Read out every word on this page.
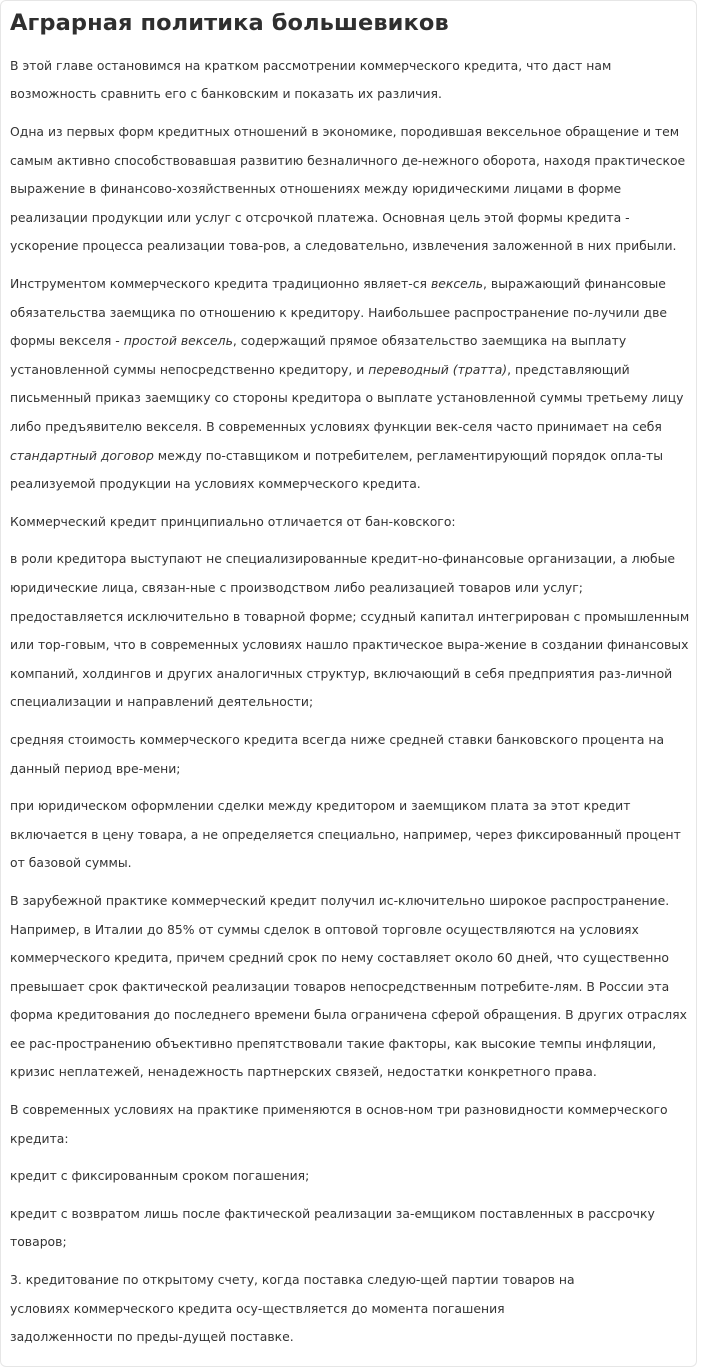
Аграрная политика большевиков

В этой главе остановимся на кратком рассмотрении коммерческого кредита, что даст нам возможность сравнить его с банковским и показать их различия.

Одна из первых форм кредитных отношений в экономике, породившая вексельное обращение и тем самым активно способствовавшая развитию безналичного де-нежного оборота, находя практическое выражение в финансово-хозяйственных отношениях между юридическими лицами в форме реализации продукции или услуг с отсрочкой платежа. Основная цель этой формы кредита - ускорение процесса реализации това-ров, а следовательно, извлечения заложенной в них прибыли.

Инструментом коммерческого кредита традиционно являет-ся вексель, выражающий финансовые обязательства заемщика по отношению к кредитору. Наибольшее распространение по-лучили две формы векселя - простой вексель, содержащий прямое обязательство заемщика на выплату установленной суммы непосредственно кредитору, и переводный (тратта), представляющий письменный приказ заемщику со стороны кредитора о выплате установленной суммы третьему лицу либо предъявителю векселя. В современных условиях функции век-селя часто принимает на себя стандартный договор между по-ставщиком и потребителем, регламентирующий порядок опла-ты реализуемой продукции на условиях коммерческого кредита.

Коммерческий кредит принципиально отличается от бан-ковского:

в роли кредитора выступают не специализированные кредит-но-финансовые организации, а любые юридические лица, связан-ные с производством либо реализацией товаров или услуг; предоставляется исключительно в товарной форме; ссудный капитал интегрирован с промышленным или тор-говым, что в современных условиях нашло практическое выра-жение в создании финансовых компаний, холдингов и других аналогичных структур, включающий в себя предприятия раз-личной специализации и направлений деятельности;

средняя стоимость коммерческого кредита всегда ниже средней ставки банковского процента на данный период вре-мени;

при юридическом оформлении сделки между кредитором и заемщиком плата за этот кредит включается в цену товара, а не определяется специально, например, через фиксированный процент от базовой суммы.

В зарубежной практике коммерческий кредит получил ис-ключительно широкое распространение. Например, в Италии до 85% от суммы сделок в оптовой торговле осуществляются на условиях коммерческого кредита, причем средний срок по нему составляет около 60 дней, что существенно превышает срок фактической реализации товаров непосредственным потребите-лям. В России эта форма кредитования до последнего времени была ограничена сферой обращения. В других отраслях ее рас-пространению объективно препятствовали такие факторы, как высокие темпы инфляции, кризис неплатежей, ненадежность партнерских связей, недостатки конкретного права.

В современных условиях на практике применяются в основ-ном три разновидности коммерческого кредита:

кредит с фиксированным сроком погашения;

кредит с возвратом лишь после фактической реализации за-емщиком поставленных в рассрочку товаров;

3. кредитование по открытому счету, когда поставка следую-щей партии товаров на условиях коммерческого кредита осу-ществляется до момента погашения задолженности по преды-дущей поставке.
